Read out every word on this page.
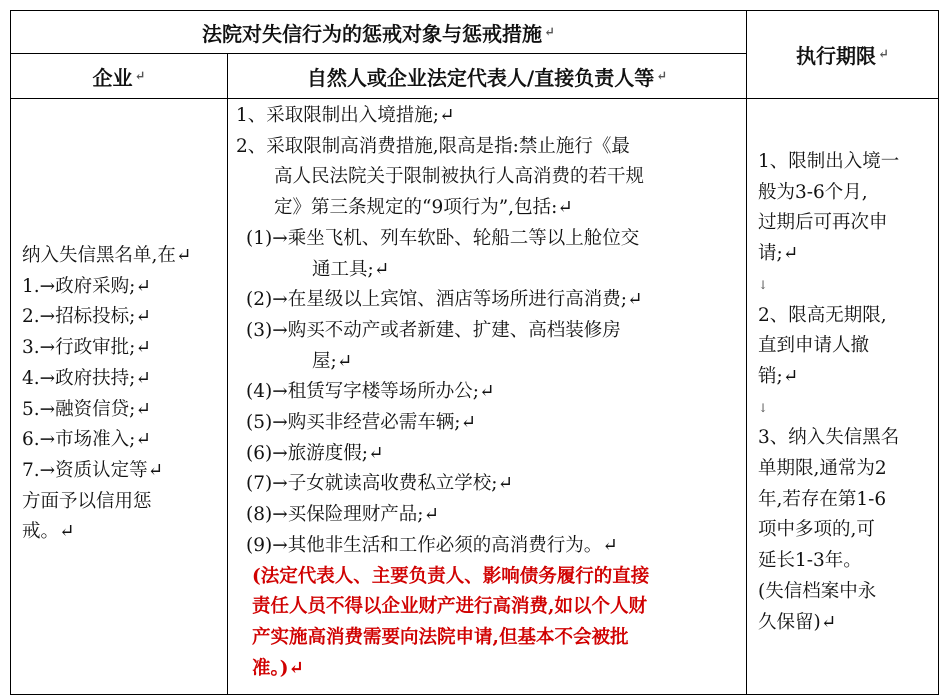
法院对失信行为的惩戒对象与惩戒措施 ↵
执行期限 ↵
企业 ↵	自然人或企业法定代表人/直接负责人等 ↵
纳入失信黑名单,在↵
1.→政府采购;↵
2.→招标投标;↵
3.→行政审批;↵
4.→政府扶持;↵
5.→融资信贷;↵
6.→市场准入;↵
7.→资质认定等↵
方面予以信用惩
戒。↵
1、采取限制出入境措施;↵
2、采取限制高消费措施,限高是指:禁止施行《最
高人民法院关于限制被执行人高消费的若干规
定》第三条规定的“9项行为”,包括:↵
(1)→乘坐飞机、列车软卧、轮船二等以上舱位交
通工具;↵
(2)→在星级以上宾馆、酒店等场所进行高消费;↵
(3)→购买不动产或者新建、扩建、高档装修房
屋;↵
(4)→租赁写字楼等场所办公;↵
(5)→购买非经营必需车辆;↵
(6)→旅游度假;↵
(7)→子女就读高收费私立学校;↵
(8)→买保险理财产品;↵
(9)→其他非生活和工作必须的高消费行为。↵
(法定代表人、主要负责人、影响债务履行的直接
责任人员不得以企业财产进行高消费,如以个人财
产实施高消费需要向法院申请,但基本不会被批
准。)↵
1、限制出入境一
般为3-6个月,
过期后可再次申
请;↵
↓
2、限高无期限,
直到申请人撤
销;↵
↓
3、纳入失信黑名
单期限,通常为2
年,若存在第1-6
项中多项的,可
延长1-3年。
(失信档案中永
久保留)↵
